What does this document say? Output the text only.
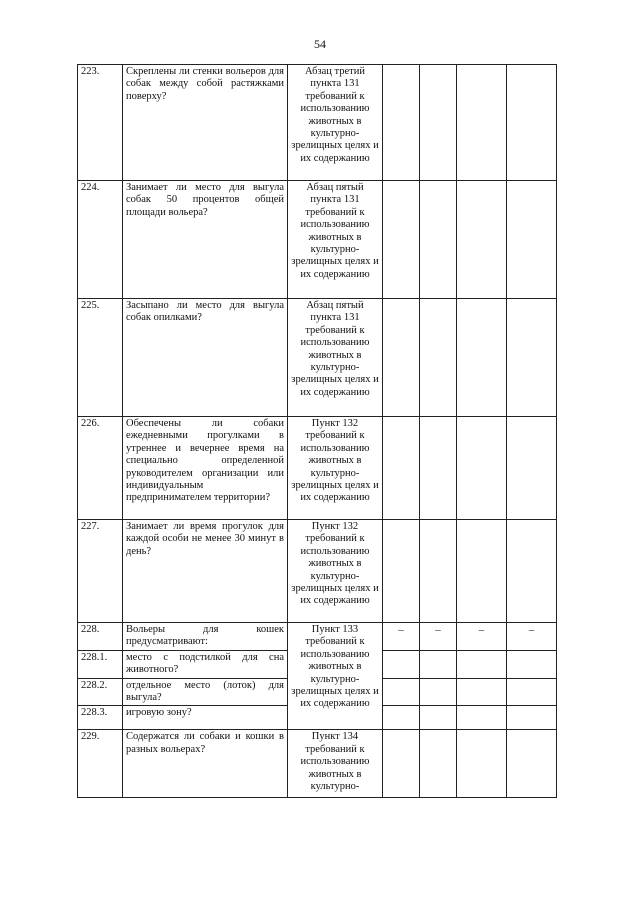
54
223.	Скреплены ли стенки вольеров для собак между собой растяжками поверху?	Абзац третий пункта 131 требований к использованию животных в культурно-зрелищных целях и их содержанию				
224.	Занимает ли место для выгула собак 50 процентов общей площади вольера?	Абзац пятый пункта 131 требований к использованию животных в культурно-зрелищных целях и их содержанию				
225.	Засыпано ли место для выгула собак опилками?	Абзац пятый пункта 131 требований к использованию животных в культурно-зрелищных целях и их содержанию				
226.	Обеспечены ли собаки ежедневными прогулками в утреннее и вечернее время на специально определенной руководителем организации или индивидуальным предпринимателем территории?	Пункт 132 требований к использованию животных в культурно-зрелищных целях и их содержанию				
227.	Занимает ли время прогулок для каждой особи не менее 30 минут в день?	Пункт 132 требований к использованию животных в культурно-зрелищных целях и их содержанию				
228.	Вольеры для кошек предусматривают:	Пункт 133 требований к использованию животных в культурно-зрелищных целях и их содержанию	–	–	–	–
228.1.	место с подстилкой для сна животного?					
228.2.	отдельное место (лоток) для выгула?					
228.3.	игровую зону?					
229.	Содержатся ли собаки и кошки в разных вольерах?	Пункт 134 требований к использованию животных в культурно-				
